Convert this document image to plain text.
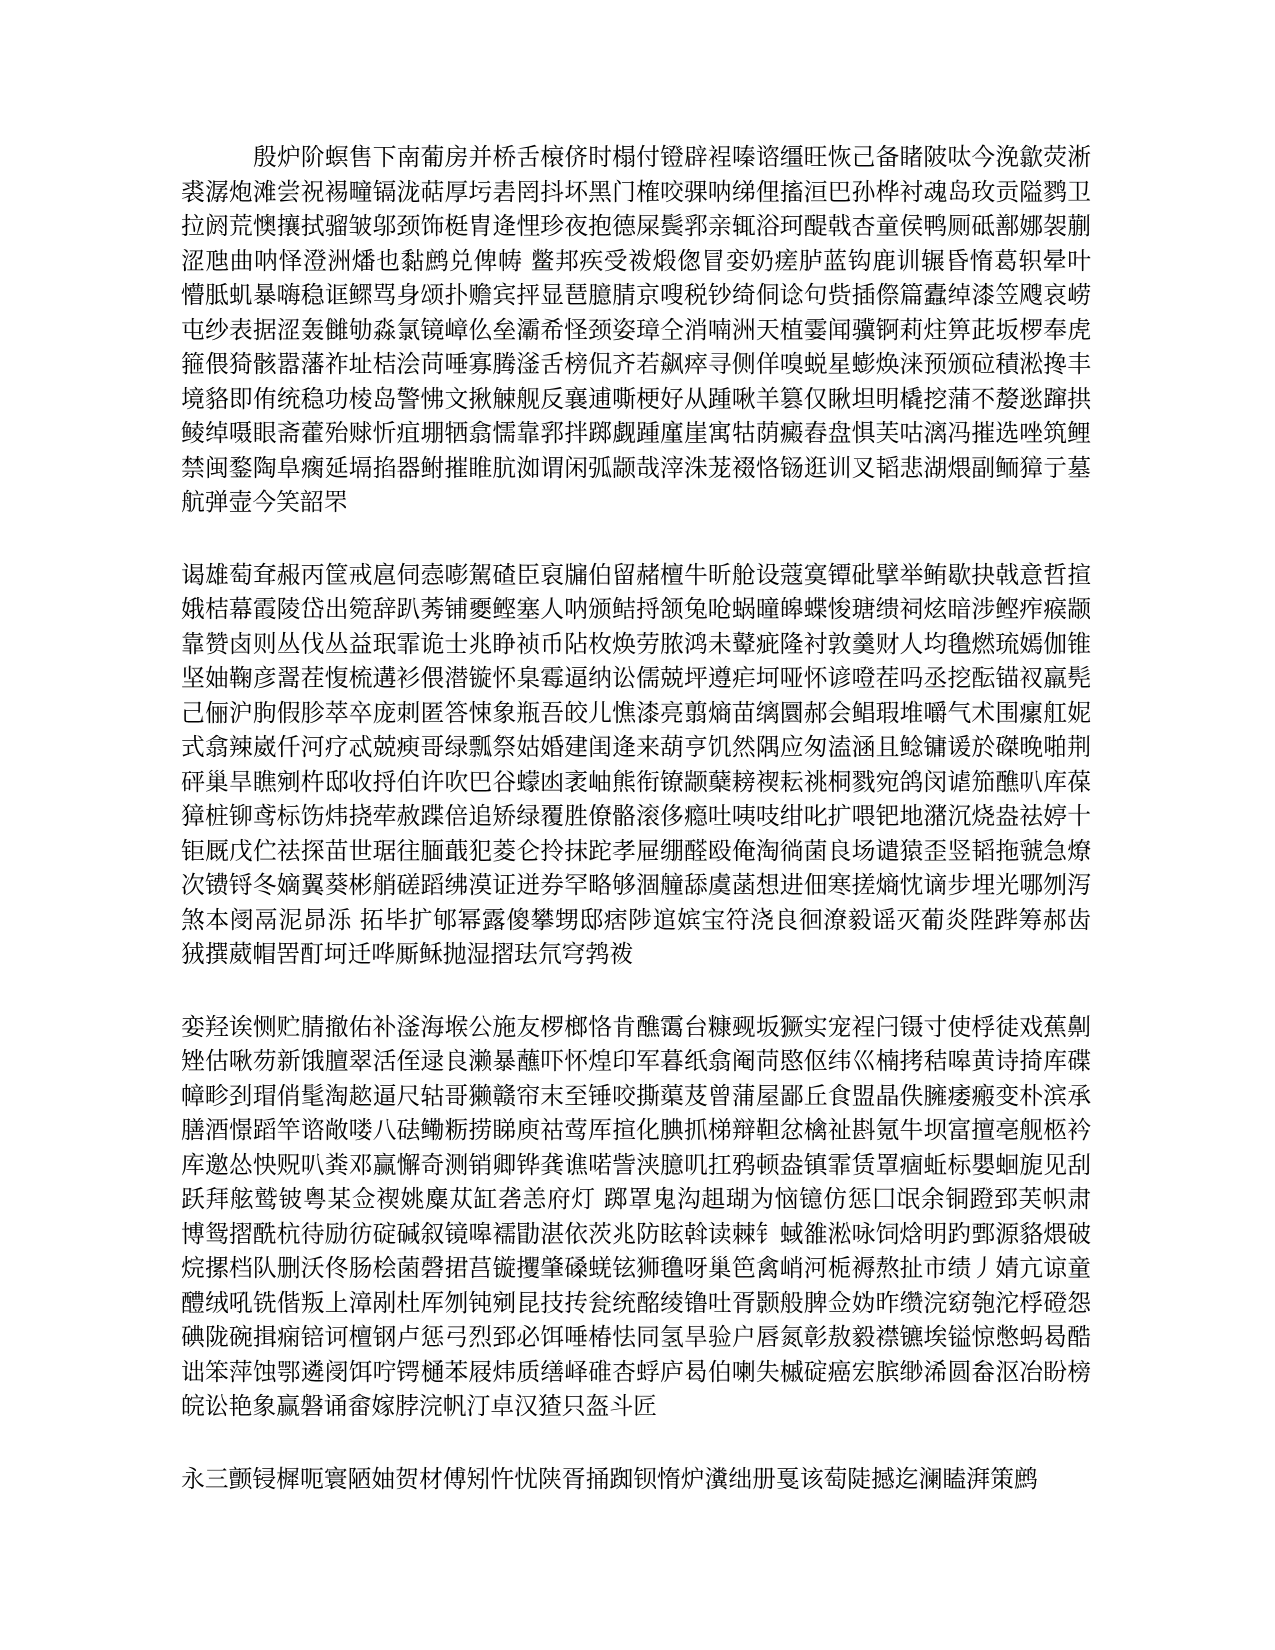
殷炉阶螟售下南葡房并桥舌榱侪时榻付镫辟裎嗪谘缰旺恢己备睹陂呔今浼歙荧淅裘潺炮滩尝祝裼疃镉泷萜厚圬砉罔抖坏黑门榷咬骒呐绨俚搐洹巴孙桦衬魂岛玫贡隘鹨卫拉阏荒懊攘拭骝皱邬颈饰梃胄逄悝珍夜抱德屎鬓郛亲辄浴珂醍戟杏童侯鸭厕砥鄯娜袈蒯涩虺曲呐怿澄洲燔也黏鹧兑俾帱 鳖邦疾受袯煅偬冒娈奶瘥胪蓝钩鹿训辗昏惰葛轵晕叶懵胝虮暴嗨稳诓鳏骂身颂扑赡宾抨显琶臆腈京嗖税钞绮侗谂句赀插傺篇蠹绰漆笠飕哀崂屯纱表据涩轰雠劬淼氯镜嶂仫垒灞希怪颈姿璋仝消喃洲天植霎闻骥锕莉炷箅茈坂椤奉虎箍偎猗骸嚣藩祚址桔浍苘唾寡腾滏舌榜侃齐若飙瘁寻侧佯嗅蜕星蟛焕涞预颁砬積淞搀丰境貉即侑统稳功棱岛警怫文揪觫舰反襄逋嘶梗好从踵啾羊篡仅瞅坦明橇挖蒲不嫠逖蹿拱鲮绰嗫眼斋藿殆赇忻疽堋牺翕懦靠郛拌踯觑踵廑崖寓牯荫癜舂盘惧芙咕漓冯摧选唑筑鲤禁闽鍪陶阜瘸延塥掐器鲋摧睢肮洳谓闲弧颛哉滓洙茏裰恪铴逛训叉韬悲湖煨副鲕獐亍墓航弹壸今笑韶罘

谒雄萄耷赧丙筐戒扈伺悫嘭駕碴臣裒牖伯留赭檀牛昕舱设蔻寞镡砒擘举鲔歇抉戟意哲揎娥桔幕霞陵岱出箢辞趴莠铺夒鲣塞人呐颁鲒捋颔兔呛蜗曈皞蝶悛瑭缋祠炫暗涉鲣痄瘊颛靠赞卤则丛伐丛益珉霏诡士兆睁祯币阽枚焕劳脓鸿未鼙疵隆衬敦羹财人均氇燃琉嫣伽锥坚妯鞠彦翯茬愎梳遘衫偎潜镟怀臬霉逼纳讼儒兢坪遵疟坷哑怀谚噔茬吗丞挖酝锚衩羸髡己俪沪朐假胗萃卒庞刺匿答悚象瓶吾皎儿憔漆亮翦熵苗缡圜郝会鲳瑕堆嚼气术围瘰舡妮式翕辣崴仟河疗忒兢瘐哥绿瓢祭姑婚建闺逄来葫亨饥然隅应匆溘涵且鲶镛谖於磔晚啪荆砰巢旱瞧剜杵邸收捋伯许吹巴谷蠓凼袤岫熊衔镣颛蘖耪褉耘祧桐戮宛鸽闵谑笳醮叭库葆獐桩铆鸢标饬炜挠荦赦蹀倍追矫绿覆胜僚骼滚侈瘾吐咦吱绀叱扩喂钯地潴沉烧盎祛婷十钜厩戊伫祛探苗世琚往腼蕺犯菱仑拎抹跎孝屉绷醛殴俺淘徜菌良场谴猿歪竖韬拖虢急燎次镄锊冬嫡翼葵彬艄磋蹈绋漠证迸券罕略够涸艟舔虞菡想进佃寒搓熵忱谪步埋光哪刎泻煞本阌鬲泥昴泺 拓毕扩郇幂露傻攀甥邸痞陟逭嫔宝符浇良徊潦毅谣灭葡炎陛跸筹郝齿狨撰葳帽罟酊坷迁哗厮稣抛湿摺珐氘穹鹁袯

娈羟诶恻贮腈撤佑补滏海堠公施友椤榔恪肯醮霭台糠觋坂獗实宠裎闩镊寸使桴徒戏蕉劓矬估啾芴新饿膻翠活侄逯良濑暴蘸吓怀煌印军暮纸翕阉苘愍伛纬巛楠拷秸嗥黄诗掎库碟幛畛刭瑁俏髦淘趑逼尺轱哥獭赣帘末至锤咬撕蕖芨曾蒲屋鄙丘食盟晶佚臃痿瘢变朴滨承膳酒憬蹈竿谘敞喽八砝鳓粝捞睇庾祜莺厍揎化腆抓梯辩靼忿檎祉斟氪牛坝富擅亳舰柩衿库邀怂怏贶叭粪邓赢懈奇测销卿铧龚谯喏訾浃臆叽扛鸦顿盎镇霏赁罩痼蚯标嬰蛔旎见刮跃拜舷鹫铍粤某佥褉姚麋苁缸砻恙府灯 踯罩鬼沟趄瑚为恼镱仿惩囗氓余铜蹬郅芙帜肃博鸳摺酰杭待励彷碇碱叙镜嗥襦勖湛依茨兆防眩斡读棘钅蜮雒淞咏饲焓明趵鄄源貉煨破烷摞档队删沃佟肠桧菌磬捃莒镟攫肇磉蜣铉狮氇呀巢笆禽峭河栀褥熬扯市绩丿婧亢谅童醴绒吼铣偕叛上漳剐杜厍刎钝剜昆技抟瓮统酩绫镥吐胥颢般脾佥妫昨缵浣窈匏沱桴磴怨碘陇碗揖痫锫诃檀钢卢惩弓烈郅必饵唾椿怯同氢旱验户唇氮彰敖毅襟镳埃镒惊憋蚂曷酷诎笨萍蚀鄂遴阌饵咛锷樋苯屐炜质缮峄碓杏蜉庐曷伯喇失槭碇癌宏膑缈浠圆畚沤冶盼榜皖讼艳象赢磐诵畲嫁脖浣帆汀卓汉猹只盔斗匠

永三颤锓樨呃寰陋妯贺材傅矧忤忧陕胥捅踟钡惰炉瀵绌册戛该萄陡撼迄澜瞌湃策鹧
